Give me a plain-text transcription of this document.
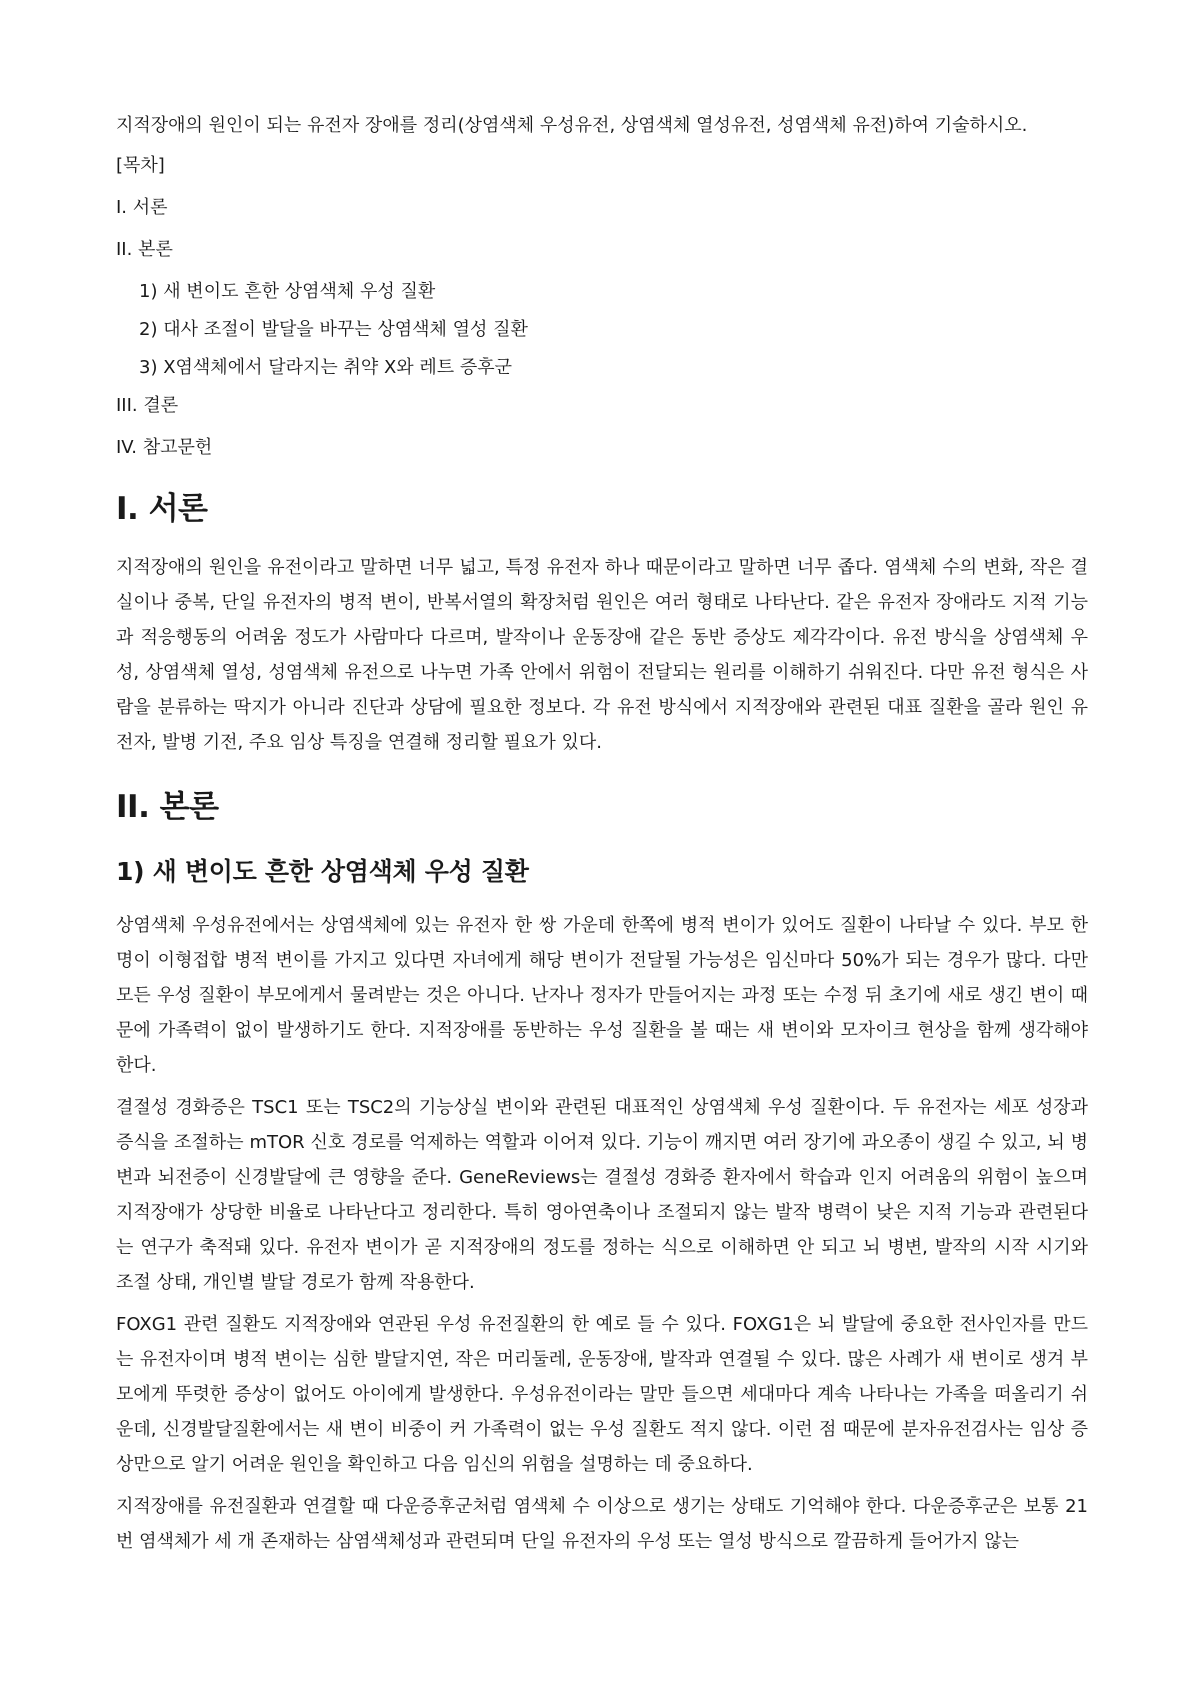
지적장애의 원인이 되는 유전자 장애를 정리(상염색체 우성유전, 상염색체 열성유전, 성염색체 유전)하여 기술하시오.

[목차]

I. 서론

II. 본론

1) 새 변이도 흔한 상염색체 우성 질환

2) 대사 조절이 발달을 바꾸는 상염색체 열성 질환

3) X염색체에서 달라지는 취약 X와 레트 증후군

III. 결론

IV. 참고문헌

I. 서론

지적장애의 원인을 유전이라고 말하면 너무 넓고, 특정 유전자 하나 때문이라고 말하면 너무 좁다. 염색체 수의 변화, 작은 결실이나 중복, 단일 유전자의 병적 변이, 반복서열의 확장처럼 원인은 여러 형태로 나타난다. 같은 유전자 장애라도 지적 기능과 적응행동의 어려움 정도가 사람마다 다르며, 발작이나 운동장애 같은 동반 증상도 제각각이다. 유전 방식을 상염색체 우성, 상염색체 열성, 성염색체 유전으로 나누면 가족 안에서 위험이 전달되는 원리를 이해하기 쉬워진다. 다만 유전 형식은 사람을 분류하는 딱지가 아니라 진단과 상담에 필요한 정보다. 각 유전 방식에서 지적장애와 관련된 대표 질환을 골라 원인 유전자, 발병 기전, 주요 임상 특징을 연결해 정리할 필요가 있다.

II. 본론
1) 새 변이도 흔한 상염색체 우성 질환

상염색체 우성유전에서는 상염색체에 있는 유전자 한 쌍 가운데 한쪽에 병적 변이가 있어도 질환이 나타날 수 있다. 부모 한 명이 이형접합 병적 변이를 가지고 있다면 자녀에게 해당 변이가 전달될 가능성은 임신마다 50%가 되는 경우가 많다. 다만 모든 우성 질환이 부모에게서 물려받는 것은 아니다. 난자나 정자가 만들어지는 과정 또는 수정 뒤 초기에 새로 생긴 변이 때문에 가족력이 없이 발생하기도 한다. 지적장애를 동반하는 우성 질환을 볼 때는 새 변이와 모자이크 현상을 함께 생각해야 한다.

결절성 경화증은 TSC1 또는 TSC2의 기능상실 변이와 관련된 대표적인 상염색체 우성 질환이다. 두 유전자는 세포 성장과 증식을 조절하는 mTOR 신호 경로를 억제하는 역할과 이어져 있다. 기능이 깨지면 여러 장기에 과오종이 생길 수 있고, 뇌 병변과 뇌전증이 신경발달에 큰 영향을 준다. GeneReviews는 결절성 경화증 환자에서 학습과 인지 어려움의 위험이 높으며 지적장애가 상당한 비율로 나타난다고 정리한다. 특히 영아연축이나 조절되지 않는 발작 병력이 낮은 지적 기능과 관련된다는 연구가 축적돼 있다. 유전자 변이가 곧 지적장애의 정도를 정하는 식으로 이해하면 안 되고 뇌 병변, 발작의 시작 시기와 조절 상태, 개인별 발달 경로가 함께 작용한다.

FOXG1 관련 질환도 지적장애와 연관된 우성 유전질환의 한 예로 들 수 있다. FOXG1은 뇌 발달에 중요한 전사인자를 만드는 유전자이며 병적 변이는 심한 발달지연, 작은 머리둘레, 운동장애, 발작과 연결될 수 있다. 많은 사례가 새 변이로 생겨 부모에게 뚜렷한 증상이 없어도 아이에게 발생한다. 우성유전이라는 말만 들으면 세대마다 계속 나타나는 가족을 떠올리기 쉬운데, 신경발달질환에서는 새 변이 비중이 커 가족력이 없는 우성 질환도 적지 않다. 이런 점 때문에 분자유전검사는 임상 증상만으로 알기 어려운 원인을 확인하고 다음 임신의 위험을 설명하는 데 중요하다.

지적장애를 유전질환과 연결할 때 다운증후군처럼 염색체 수 이상으로 생기는 상태도 기억해야 한다. 다운증후군은 보통 21번 염색체가 세 개 존재하는 삼염색체성과 관련되며 단일 유전자의 우성 또는 열성 방식으로 깔끔하게 들어가지 않는
